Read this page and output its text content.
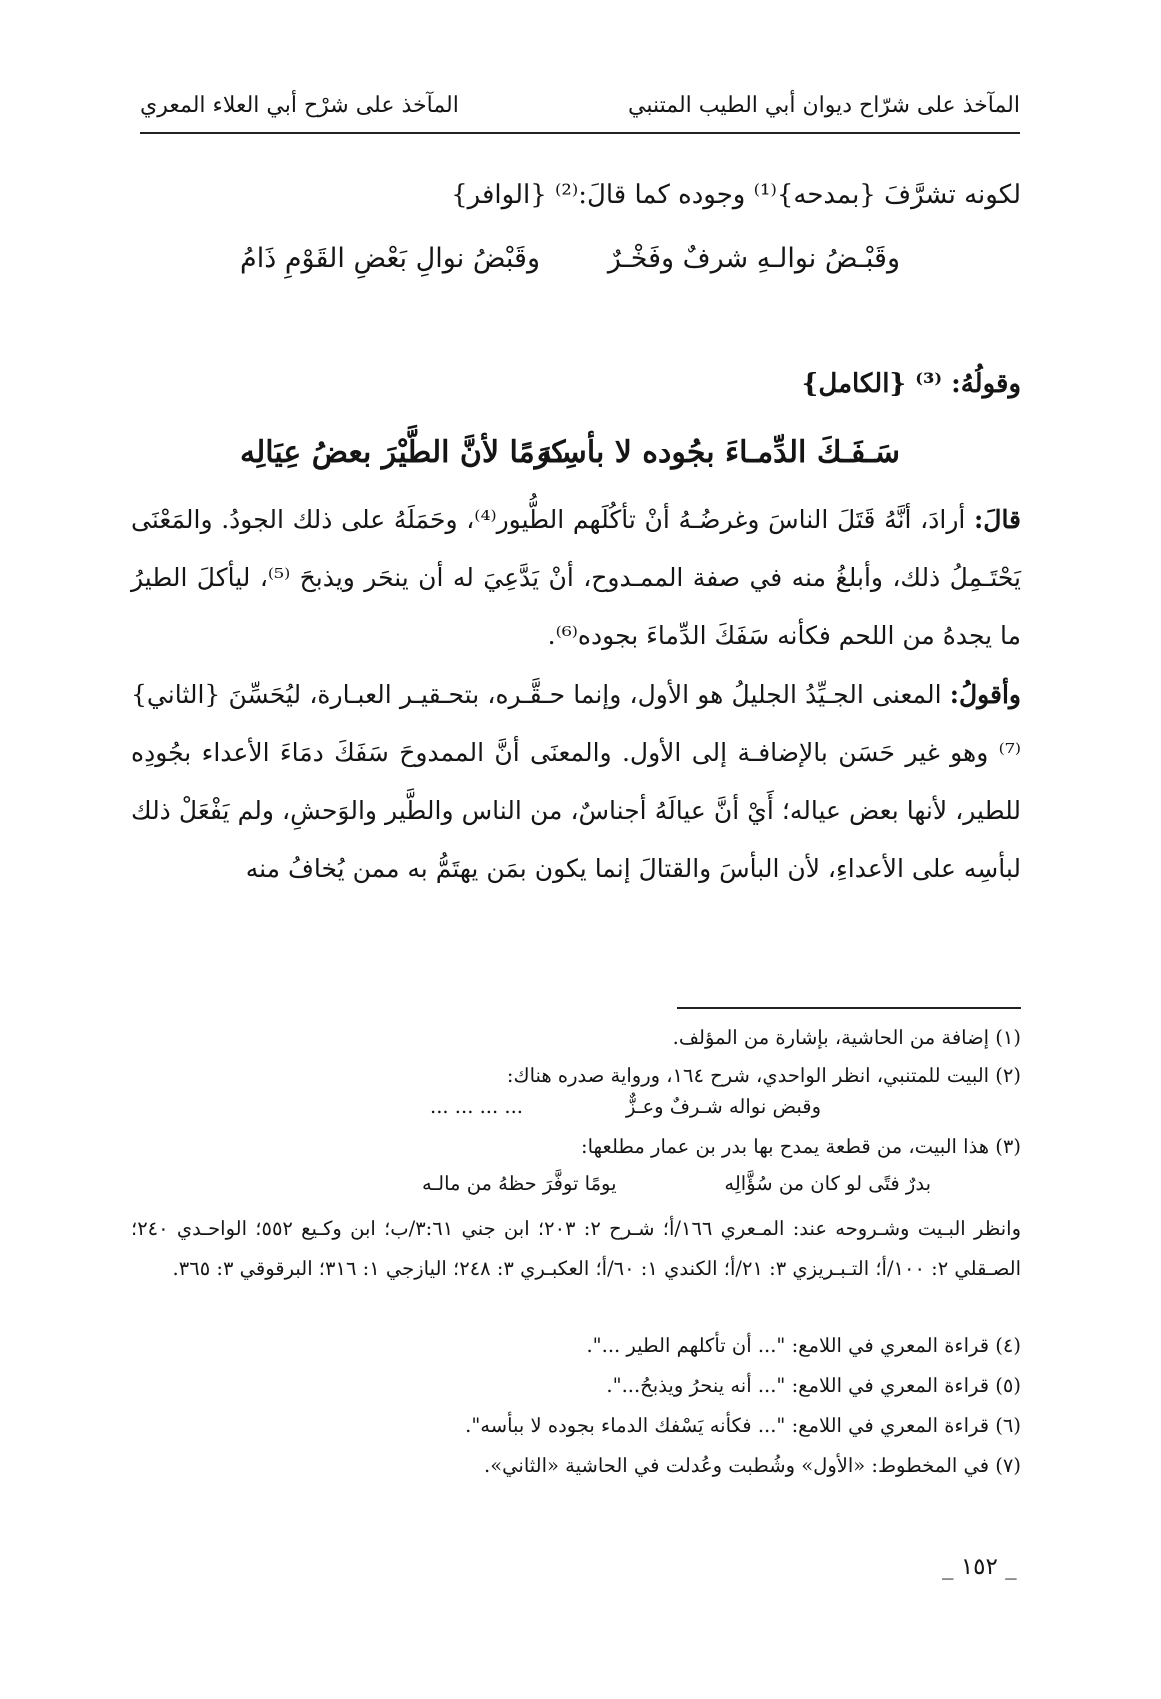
المآخذ على شرّاح ديوان أبي الطيب المتنبي
المآخذ على شرْح أبي العلاء المعري
لكونه تشرَّفَ {بمدحه}⁽¹⁾ وجوده كما قالَ:⁽²⁾ {الوافر}
وقَبْـضُ نوالـهِ شرفٌ وفَخْـرٌ
وقَبْضُ نوالِ بَعْضِ القَوْمِ ذَامُ
وقولُهُ: ⁽³⁾ {الكامل}
سَـفَـكَ الدِّمـاءَ بجُوده لا بأسِـه
كرَمًا لأنَّ الطَّيْرَ بعضُ عِيَالِه
قالَ: أرادَ، أنَّهُ قَتَلَ الناسَ وغرضُـهُ أنْ تأكُلَهم الطُّيور⁽⁴⁾، وحَمَلَهُ على ذلك الجودُ. والمَعْنَى يَحْتَـمِلُ ذلك، وأبلغُ منه في صفة الممـدوح، أنْ يَدَّعِيَ له أن ينحَر ويذبحَ ⁽⁵⁾، ليأكلَ الطيرُ ما يجدهُ من اللحم فكأنه سَفَكَ الدِّماءَ بجوده⁽⁶⁾.
وأقولُ: المعنى الجـيِّدُ الجليلُ هو الأول، وإنما حـقَّـره، بتحـقيـر العبـارة، ليُحَسِّنَ {الثاني}⁽⁷⁾ وهو غير حَسَن بالإضافـة إلى الأول. والمعنَى أنَّ الممدوحَ سَفَكَ دمَاءَ الأعداء بجُودِه للطير، لأنها بعض عياله؛ أَيْ أنَّ عيالَهُ أجناسٌ، من الناس والطَّير والوَحشِ، ولم يَفْعَلْ ذلك لبأسِه على الأعداءِ، لأن البأسَ والقتالَ إنما يكون بمَن يهتَمُّ به ممن يُخافُ منه
(١) إضافة من الحاشية، بإشارة من المؤلف.
(٢) البيت للمتنبي، انظر الواحدي، شرح ١٦٤، ورواية صدره هناك:
وقبض نواله شـرفٌ وعـزٌّ
... ... ... ...
(٣) هذا البيت، من قطعة يمدح بها بدر بن عمار مطلعها:
بدرٌ فتًى لو كان من سُؤَّالِه
يومًا توفَّرَ حظهُ من مالـه
وانظر البـيت وشـروحه عند: المـعري ١٦٦/أ؛ شـرح ٢: ٢٠٣؛ ابن جني ٣:٦١/ب؛ ابن وكـيع ٥٥٢؛ الواحـدي ٢٤٠؛ الصـقلي ٢: ١٠٠/أ؛ التـبـريزي ٣: ٢١/أ؛ الكندي ١: ٦٠/أ؛ العكبـري ٣: ٢٤٨؛ اليازجي ١: ٣١٦؛ البرقوقي ٣: ٣٦٥.
(٤) قراءة المعري في اللامع: "... أن تأكلهم الطير ...".
(٥) قراءة المعري في اللامع: "... أنه ينحرُ ويذبحُ...".
(٦) قراءة المعري في اللامع: "... فكأنه يَسْفك الدماء بجوده لا ببأسه".
(٧) في المخطوط: «الأول» وشُطبت وعُدلت في الحاشية «الثاني».
_ ١٥٢ _
